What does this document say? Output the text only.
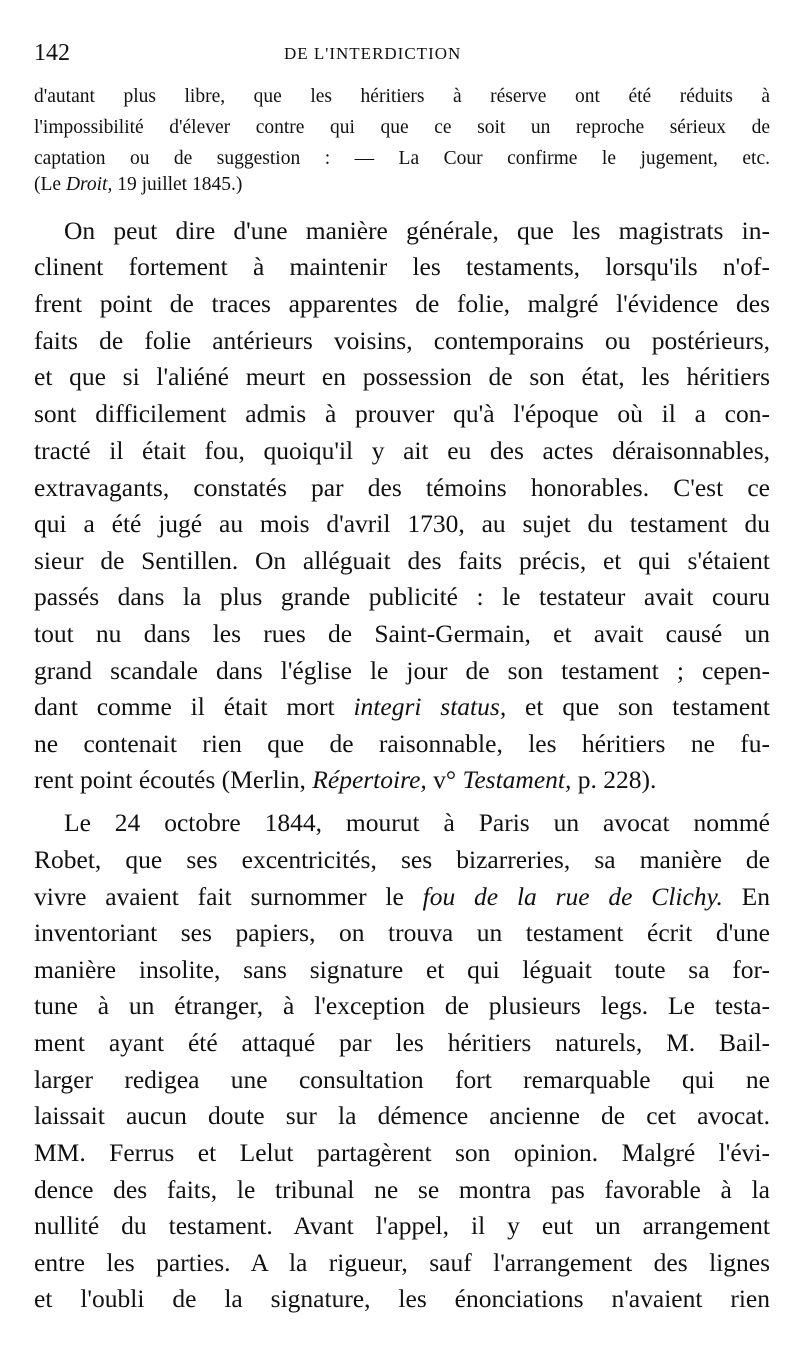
142	DE L'INTERDICTION
d'autant plus libre, que les héritiers à réserve ont été réduits à
l'impossibilité d'élever contre qui que ce soit un reproche sérieux de
captation ou de suggestion : — La Cour confirme le jugement, etc.
(Le Droit, 19 juillet 1845.)
On peut dire d'une manière générale, que les magistrats in-
clinent fortement à maintenir les testaments, lorsqu'ils n'of-
frent point de traces apparentes de folie, malgré l'évidence des
faits de folie antérieurs voisins, contemporains ou postérieurs,
et que si l'aliéné meurt en possession de son état, les héritiers
sont difficilement admis à prouver qu'à l'époque où il a con-
tracté il était fou, quoiqu'il y ait eu des actes déraisonnables,
extravagants, constatés par des témoins honorables. C'est ce
qui a été jugé au mois d'avril 1730, au sujet du testament du
sieur de Sentillen. On alléguait des faits précis, et qui s'étaient
passés dans la plus grande publicité : le testateur avait couru
tout nu dans les rues de Saint-Germain, et avait causé un
grand scandale dans l'église le jour de son testament ; cepen-
dant comme il était mort integri status, et que son testament
ne contenait rien que de raisonnable, les héritiers ne fu-
rent point écoutés (Merlin, Répertoire, v° Testament, p. 228).
Le 24 octobre 1844, mourut à Paris un avocat nommé
Robet, que ses excentricités, ses bizarreries, sa manière de
vivre avaient fait surnommer le fou de la rue de Clichy. En
inventoriant ses papiers, on trouva un testament écrit d'une
manière insolite, sans signature et qui léguait toute sa for-
tune à un étranger, à l'exception de plusieurs legs. Le testa-
ment ayant été attaqué par les héritiers naturels, M. Bail-
larger redigea une consultation fort remarquable qui ne
laissait aucun doute sur la démence ancienne de cet avocat.
MM. Ferrus et Lelut partagèrent son opinion. Malgré l'évi-
dence des faits, le tribunal ne se montra pas favorable à la
nullité du testament. Avant l'appel, il y eut un arrangement
entre les parties. A la rigueur, sauf l'arrangement des lignes
et l'oubli de la signature, les énonciations n'avaient rien
